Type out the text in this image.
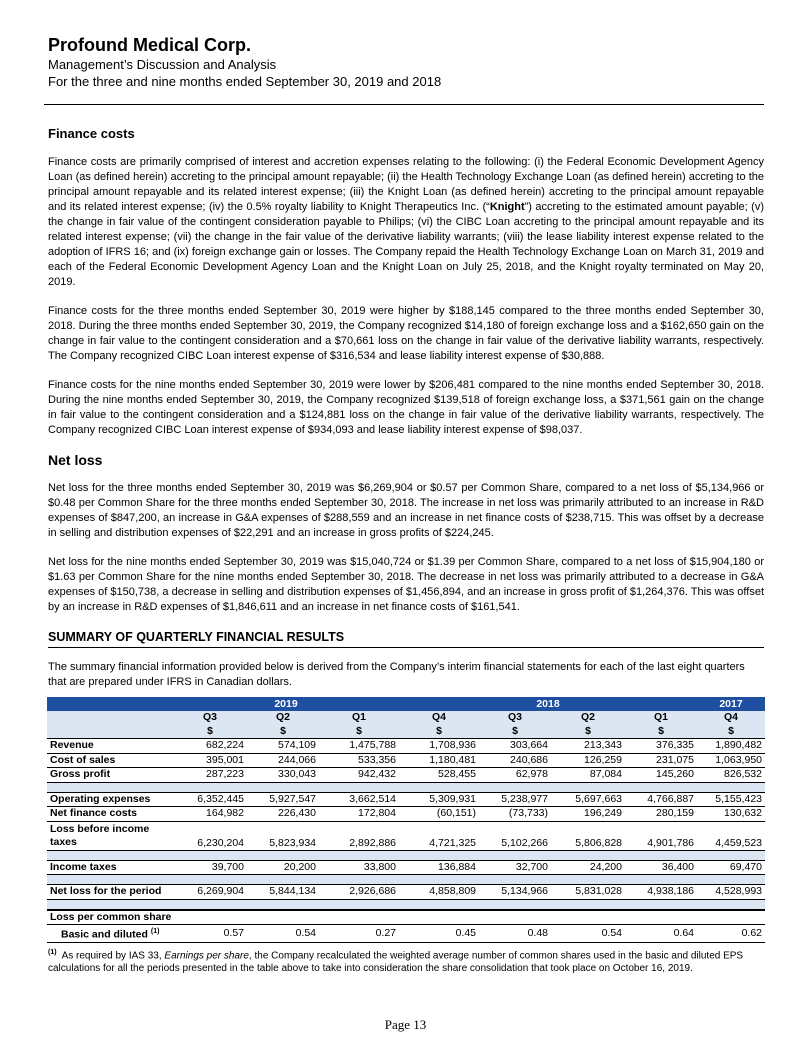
Profound Medical Corp.
Management’s Discussion and Analysis
For the three and nine months ended September 30, 2019 and 2018
Finance costs

Finance costs are primarily comprised of interest and accretion expenses relating to the following: (i) the Federal Economic Development Agency Loan (as defined herein) accreting to the principal amount repayable; (ii) the Health Technology Exchange Loan (as defined herein) accreting to the principal amount repayable and its related interest expense; (iii) the Knight Loan (as defined herein) accreting to the principal amount repayable and its related interest expense; (iv) the 0.5% royalty liability to Knight Therapeutics Inc. (“Knight”) accreting to the estimated amount payable; (v) the change in fair value of the contingent consideration payable to Philips; (vi) the CIBC Loan accreting to the principal amount repayable and its related interest expense; (vii) the change in the fair value of the derivative liability warrants; (viii) the lease liability interest expense related to the adoption of IFRS 16; and (ix) foreign exchange gain or losses. The Company repaid the Health Technology Exchange Loan on March 31, 2019 and each of the Federal Economic Development Agency Loan and the Knight Loan on July 25, 2018, and the Knight royalty terminated on May 20, 2019.

Finance costs for the three months ended September 30, 2019 were higher by $188,145 compared to the three months ended September 30, 2018. During the three months ended September 30, 2019, the Company recognized $14,180 of foreign exchange loss and a $162,650 gain on the change in fair value to the contingent consideration and a $70,661 loss on the change in fair value of the derivative liability warrants, respectively. The Company recognized CIBC Loan interest expense of $316,534 and lease liability interest expense of $30,888.

Finance costs for the nine months ended September 30, 2019 were lower by $206,481 compared to the nine months ended September 30, 2018. During the nine months ended September 30, 2019, the Company recognized $139,518 of foreign exchange loss, a $371,561 gain on the change in fair value to the contingent consideration and a $124,881 loss on the change in fair value of the derivative liability warrants, respectively. The Company recognized CIBC Loan interest expense of $934,093 and lease liability interest expense of $98,037.

Net loss

Net loss for the three months ended September 30, 2019 was $6,269,904 or $0.57 per Common Share, compared to a net loss of $5,134,966 or $0.48 per Common Share for the three months ended September 30, 2018. The increase in net loss was primarily attributed to an increase in R&D expenses of $847,200, an increase in G&A expenses of $288,559 and an increase in net finance costs of $238,715. This was offset by a decrease in selling and distribution expenses of $22,291 and an increase in gross profits of $224,245.

Net loss for the nine months ended September 30, 2019 was $15,040,724 or $1.39 per Common Share, compared to a net loss of $15,904,180 or $1.63 per Common Share for the nine months ended September 30, 2018. The decrease in net loss was primarily attributed to a decrease in G&A expenses of $150,738, a decrease in selling and distribution expenses of $1,456,894, and an increase in gross profit of $1,264,376. This was offset by an increase in R&D expenses of $1,846,611 and an increase in net finance costs of $161,541.

SUMMARY OF QUARTERLY FINANCIAL RESULTS

The summary financial information provided below is derived from the Company’s interim financial statements for each of the last eight quarters that are prepared under IFRS in Canadian dollars.

	2019			2018				2017
	Q3	Q2	Q1	Q4	Q3	Q2	Q1	Q4
	$	$	$	$	$	$	$	$
Revenue	682,224	574,109	1,475,788	1,708,936	303,664	213,343	376,335	1,890,482
Cost of sales	395,001	244,066	533,356	1,180,481	240,686	126,259	231,075	1,063,950
Gross profit	287,223	330,043	942,432	528,455	62,978	87,084	145,260	826,532

Operating expenses	6,352,445	5,927,547	3,662,514	5,309,931	5,238,977	5,697,663	4,766,887	5,155,423
Net finance costs	164,982	226,430	172,804	(60,151)	(73,733)	196,249	280,159	130,632
Loss before income
taxes	6,230,204	5,823,934	2,892,886	4,721,325	5,102,266	5,806,828	4,901,786	4,459,523

Income taxes	39,700	20,200	33,800	136,884	32,700	24,200	36,400	69,470

Net loss for the period	6,269,904	5,844,134	2,926,686	4,858,809	5,134,966	5,831,028	4,938,186	4,528,993

Loss per common share								
Basic and diluted $^{(1)}$	0.57	0.54	0.27	0.45	0.48	0.54	0.64	0.62
$^{(1)}$ As required by IAS 33, Earnings per share, the Company recalculated the weighted average number of common shares used in the basic and diluted EPS calculations for all the periods presented in the table above to take into consideration the share consolidation that took place on October 16, 2019.
Page 13
